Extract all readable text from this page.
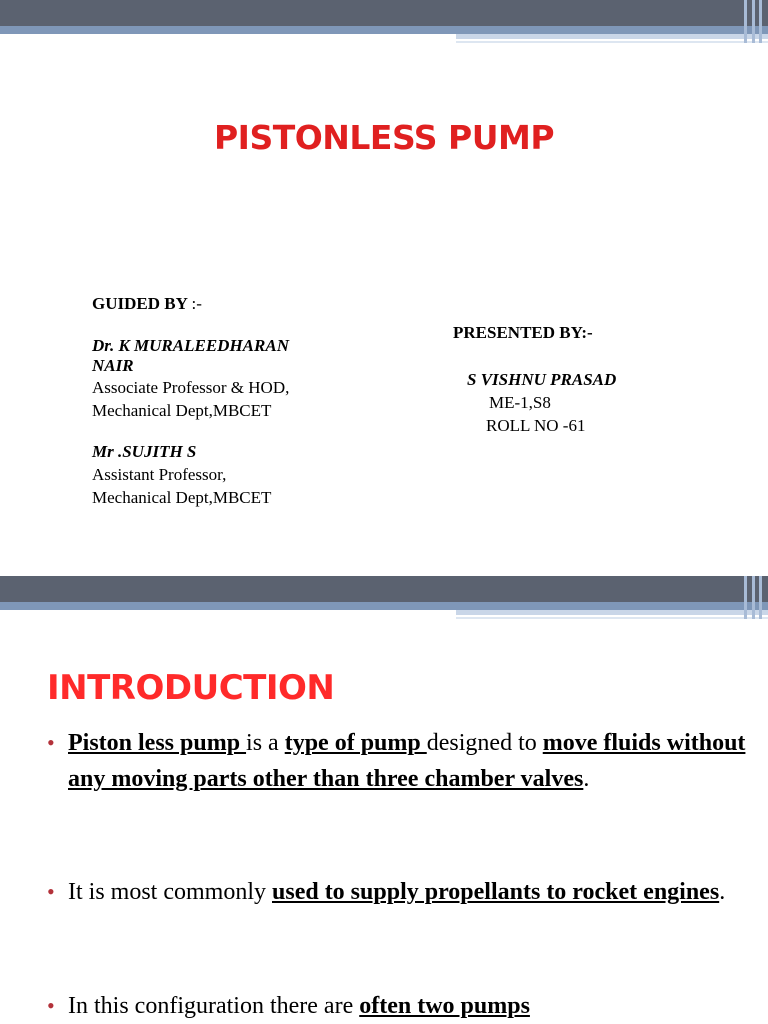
PISTONLESS PUMP
GUIDED BY :-
Dr. K MURALEEDHARAN
NAIR
Associate Professor & HOD,
Mechanical Dept,MBCET
Mr .SUJITH S
Assistant Professor,
Mechanical Dept,MBCET
PRESENTED BY:-
S VISHNU PRASAD
ME-1,S8
ROLL NO -61
INTRODUCTION
• Piston less pump is a type of pump designed to move fluids without any moving parts other than three chamber valves.
• It is most commonly used to supply propellants to rocket engines.
• In this configuration there are often two pumps
